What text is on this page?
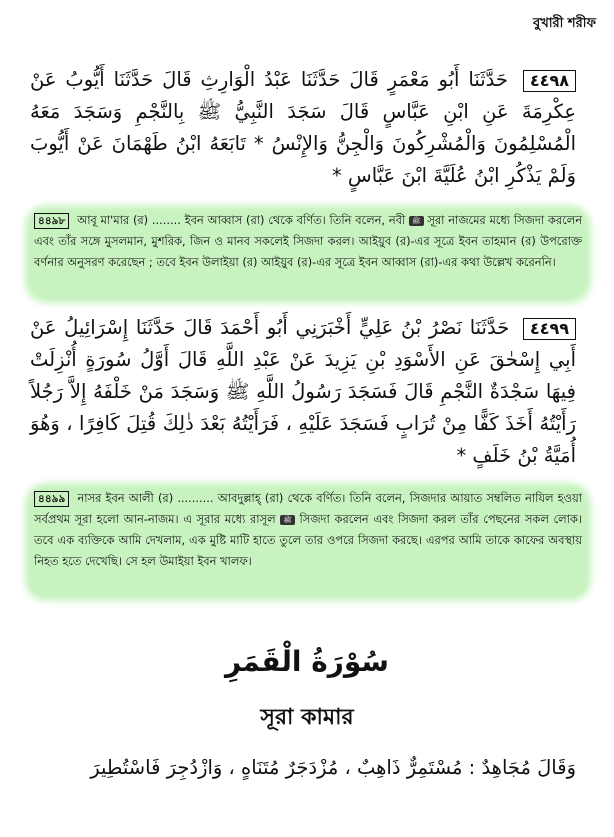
বুখারী শরীফ
٤٤٩٨ حَدَّثَنَا أَبُو مَعْمَرٍ قَالَ حَدَّثَنَا عَبْدُ الْوَارِثِ قَالَ حَدَّثَنَا أَيُّوبُ عَنْ عِكْرِمَةَ عَنِ ابْنِ عَبَّاسٍ قَالَ سَجَدَ النَّبِيُّ ﷺ بِالنَّجْمِ وَسَجَدَ مَعَهُ الْمُسْلِمُونَ وَالْمُشْرِكُونَ وَالْجِنُّ وَالإِنْسُ * تَابَعَهُ ابْنُ طَهْمَانَ عَنْ أَيُّوبَ وَلَمْ يَذْكُرِ ابْنُ عُلَيَّةَ ابْنَ عَبَّاسٍ *
৪৪৯৮ আবূ মা'মার (র) ........ ইবন আব্বাস (রা) থেকে বর্ণিত। তিনি বলেন, নবী ﷺ সূরা নাজমের মধ্যে সিজদা করলেন এবং তাঁর সঙ্গে মুসলমান, মুশরিক, জিন ও মানব সকলেই সিজদা করল। আইয়ুব (র)-এর সূত্রে ইবন তাহমান (র) উপরোক্ত বর্ণনার অনুসরণ করেছেন ; তবে ইবন উলাইয়া (র) আইয়ুব (র)-এর সূত্রে ইবন আব্বাস (রা)-এর কথা উল্লেখ করেননি।
٤٤٩٩ حَدَّثَنَا نَصْرُ بْنُ عَلِيٍّ أَخْبَرَنِي أَبُو أَحْمَدَ قَالَ حَدَّثَنَا إِسْرَائِيلُ عَنْ أَبِي إِسْحٰقَ عَنِ الأَسْوَدِ بْنِ يَزِيدَ عَنْ عَبْدِ اللَّهِ قَالَ أَوَّلُ سُورَةٍ أُنْزِلَتْ فِيهَا سَجْدَةٌ النَّجْمِ قَالَ فَسَجَدَ رَسُولُ اللَّهِ ﷺ وَسَجَدَ مَنْ خَلْفَهُ إِلاَّ رَجُلاً رَأَيْتُهُ أَخَذَ كَفًّا مِنْ تُرَابٍ فَسَجَدَ عَلَيْهِ ، فَرَأَيْتُهُ بَعْدَ ذٰلِكَ قُتِلَ كَافِرًا ، وَهُوَ أُمَيَّةُ بْنُ خَلَفٍ *
৪৪৯৯ নাসর ইবন আলী (র) .......... আবদুল্লাহ্ (রা) থেকে বর্ণিত। তিনি বলেন, সিজদার আয়াত সম্বলিত নাযিল হওয়া সর্বপ্রথম সূরা হলো আন-নাজম। এ সূরার মধ্যে রাসূল ﷺ সিজদা করলেন এবং সিজদা করল তাঁর পেছনের সকল লোক। তবে এক ব্যক্তিকে আমি দেখলাম, এক মুষ্টি মাটি হাতে তুলে তার ওপরে সিজদা করছে। এরপর আমি তাকে কাফের অবস্থায় নিহত হতে দেখেছি। সে হল উমাইয়া ইবন খালফ।
سُوْرَةُ الْقَمَرِ
সূরা কামার
وَقَالَ مُجَاهِدٌ : مُسْتَمِرٌّ ذَاهِبٌ ، مُزْدَجَرٌ مُتَنَاهٍ ، وَازْدُجِرَ فَاسْتُطِيرَ
